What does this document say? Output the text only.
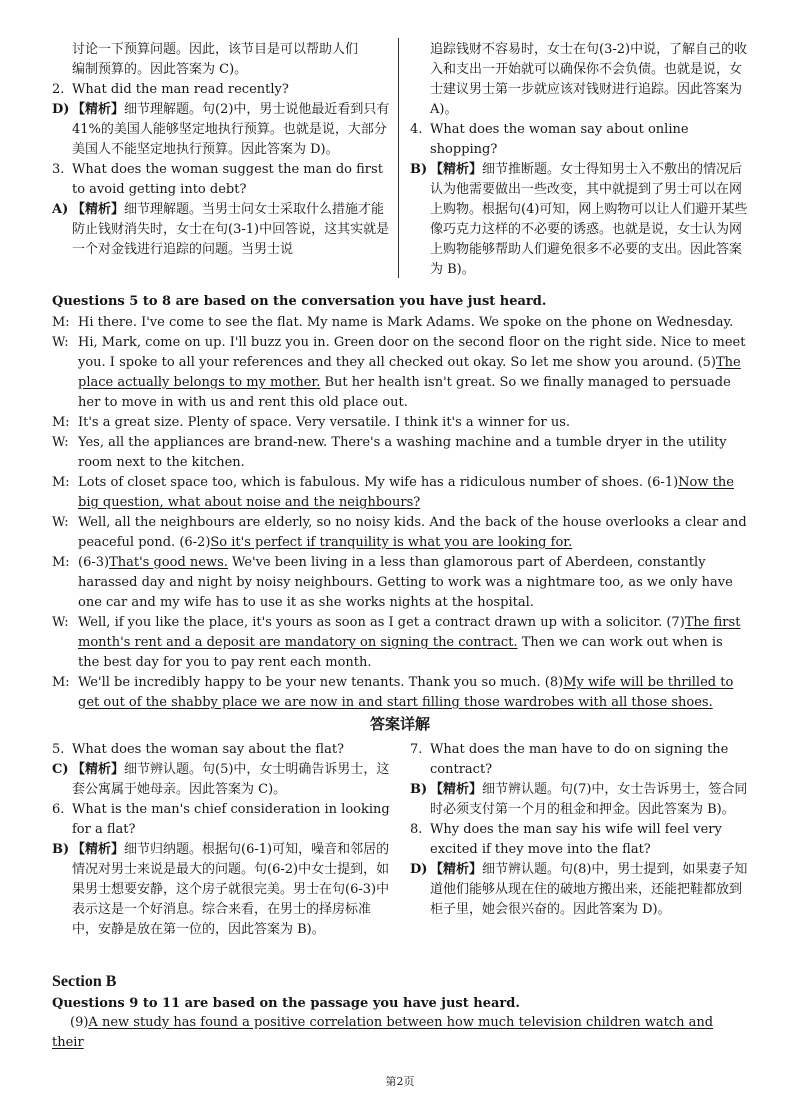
讨论一下预算问题。因此，该节目是可以帮助人们
编制预算的。因此答案为 C)。

2. What did the man read recently?

D) 【精析】细节理解题。句(2)中，男士说他最近看到只有41%的美国人能够坚定地执行预算。也就是说，大部分美国人不能坚定地执行预算。因此答案为 D)。

3. What does the woman suggest the man do first to avoid getting into debt?

A) 【精析】细节理解题。当男士问女士采取什么措施才能防止钱财消失时，女士在句(3-1)中回答说，这其实就是一个对金钱进行追踪的问题。当男士说

追踪钱财不容易时，女士在句(3-2)中说，了解自己的收入和支出一开始就可以确保你不会负债。也就是说，女士建议男士第一步就应该对钱财进行追踪。因此答案为 A)。

4. What does the woman say about online shopping?

B) 【精析】细节推断题。女士得知男士入不敷出的情况后认为他需要做出一些改变，其中就提到了男士可以在网上购物。根据句(4)可知，网上购物可以让人们避开某些像巧克力这样的不必要的诱惑。也就是说，女士认为网上购物能够帮助人们避免很多不必要的支出。因此答案为 B)。

Questions 5 to 8 are based on the conversation you have just heard.

M: Hi there. I've come to see the flat. My name is Mark Adams. We spoke on the phone on Wednesday.

W: Hi, Mark, come on up. I'll buzz you in. Green door on the second floor on the right side. Nice to meet you. I spoke to all your references and they all checked out okay. So let me show you around. (5)The place actually belongs to my mother. But her health isn't great. So we finally managed to persuade her to move in with us and rent this old place out.

M: It's a great size. Plenty of space. Very versatile. I think it's a winner for us.

W: Yes, all the appliances are brand-new. There's a washing machine and a tumble dryer in the utility room next to the kitchen.

M: Lots of closet space too, which is fabulous. My wife has a ridiculous number of shoes. (6-1)Now the big question, what about noise and the neighbours?

W: Well, all the neighbours are elderly, so no noisy kids. And the back of the house overlooks a clear and peaceful pond. (6-2)So it's perfect if tranquility is what you are looking for.

M: (6-3)That's good news. We've been living in a less than glamorous part of Aberdeen, constantly harassed day and night by noisy neighbours. Getting to work was a nightmare too, as we only have one car and my wife has to use it as she works nights at the hospital.

W: Well, if you like the place, it's yours as soon as I get a contract drawn up with a solicitor. (7)The first month's rent and a deposit are mandatory on signing the contract. Then we can work out when is the best day for you to pay rent each month.

M: We'll be incredibly happy to be your new tenants. Thank you so much. (8)My wife will be thrilled to get out of the shabby place we are now in and start filling those wardrobes with all those shoes.

答案详解

5. What does the woman say about the flat?

C) 【精析】细节辨认题。句(5)中，女士明确告诉男士，这套公寓属于她母亲。因此答案为 C)。

6. What is the man's chief consideration in looking for a flat?

B) 【精析】细节归纳题。根据句(6-1)可知，噪音和邻居的情况对男士来说是最大的问题。句(6-2)中女士提到，如果男士想要安静，这个房子就很完美。男士在句(6-3)中表示这是一个好消息。综合来看，在男士的择房标准中，安静是放在第一位的，因此答案为 B)。

7. What does the man have to do on signing the contract?

B) 【精析】细节辨认题。句(7)中，女士告诉男士，签合同时必须支付第一个月的租金和押金。因此答案为 B)。

8. Why does the man say his wife will feel very excited if they move into the flat?

D) 【精析】细节辨认题。句(8)中，男士提到，如果妻子知道他们能够从现在住的破地方搬出来，还能把鞋都放到柜子里，她会很兴奋的。因此答案为 D)。

Section B
Questions 9 to 11 are based on the passage you have just heard.

(9)A new study has found a positive correlation between how much television children watch and their

第2页
